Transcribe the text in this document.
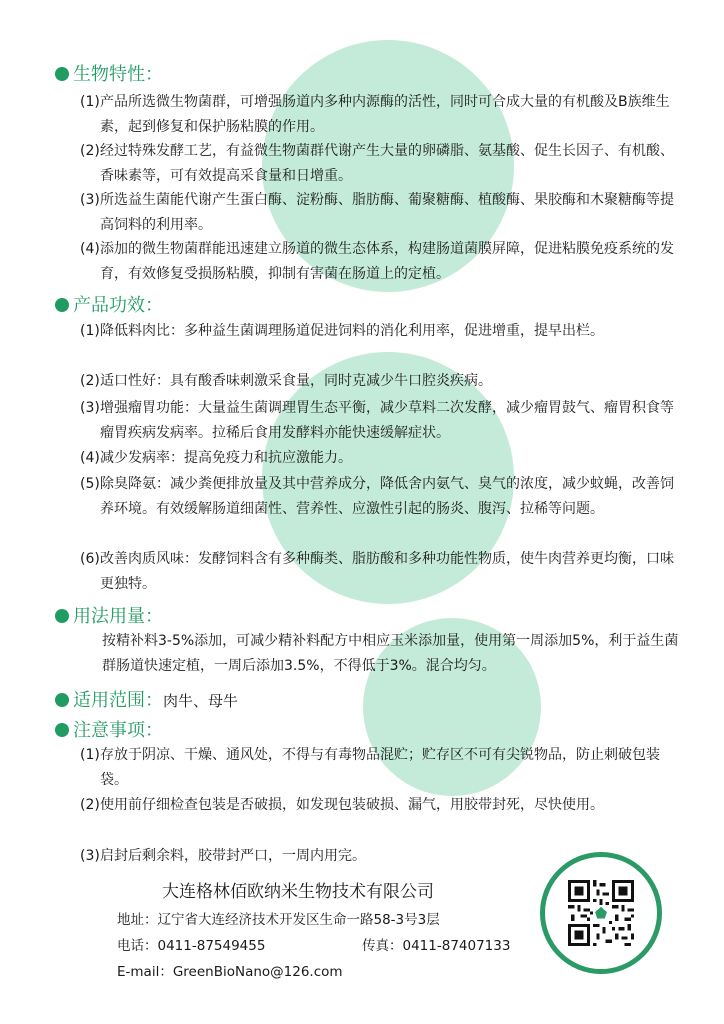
生物特性：
(1) 产品所选微生物菌群，可增强肠道内多种内源酶的活性，同时可合成大量的有机酸及B族维生素，起到修复和保护肠粘膜的作用。
(2) 经过特殊发酵工艺，有益微生物菌群代谢产生大量的卵磷脂、氨基酸、促生长因子、有机酸、香味素等，可有效提高采食量和日增重。
(3) 所选益生菌能代谢产生蛋白酶、淀粉酶、脂肪酶、葡聚糖酶、植酸酶、果胶酶和木聚糖酶等提高饲料的利用率。
(4) 添加的微生物菌群能迅速建立肠道的微生态体系，构建肠道菌膜屏障，促进粘膜免疫系统的发育，有效修复受损肠粘膜，抑制有害菌在肠道上的定植。
产品功效：
(1) 降低料肉比：多种益生菌调理肠道促进饲料的消化利用率，促进增重，提早出栏。
(2) 适口性好：具有酸香味刺激采食量，同时克减少牛口腔炎疾病。
(3) 增强瘤胃功能：大量益生菌调理胃生态平衡，减少草料二次发酵，减少瘤胃鼓气、瘤胃积食等瘤胃疾病发病率。拉稀后食用发酵料亦能快速缓解症状。
(4) 减少发病率：提高免疫力和抗应激能力。
(5) 除臭降氨：减少粪便排放量及其中营养成分，降低舍内氨气、臭气的浓度，减少蚊蝇，改善饲养环境。有效缓解肠道细菌性、营养性、应激性引起的肠炎、腹泻、拉稀等问题。
(6) 改善肉质风味：发酵饲料含有多种酶类、脂肪酸和多种功能性物质，使牛肉营养更均衡，口味更独特。
用法用量：
按精补料3-5%添加，可减少精补料配方中相应玉米添加量，使用第一周添加5%，利于益生菌群肠道快速定植，一周后添加3.5%，不得低于3%。混合均匀。
适用范围：肉牛、母牛
注意事项：
(1) 存放于阴凉、干燥、通风处，不得与有毒物品混贮；贮存区不可有尖锐物品，防止刺破包装袋。
(2) 使用前仔细检查包装是否破损，如发现包装破损、漏气，用胶带封死，尽快使用。
(3) 启封后剩余料，胶带封严口，一周内用完。
大连格林佰欧纳米生物技术有限公司
地址：辽宁省大连经济技术开发区生命一路58-3号3层
电话：0411-87549455	传真：0411-87407133
E-mail：GreenBioNano@126.com
